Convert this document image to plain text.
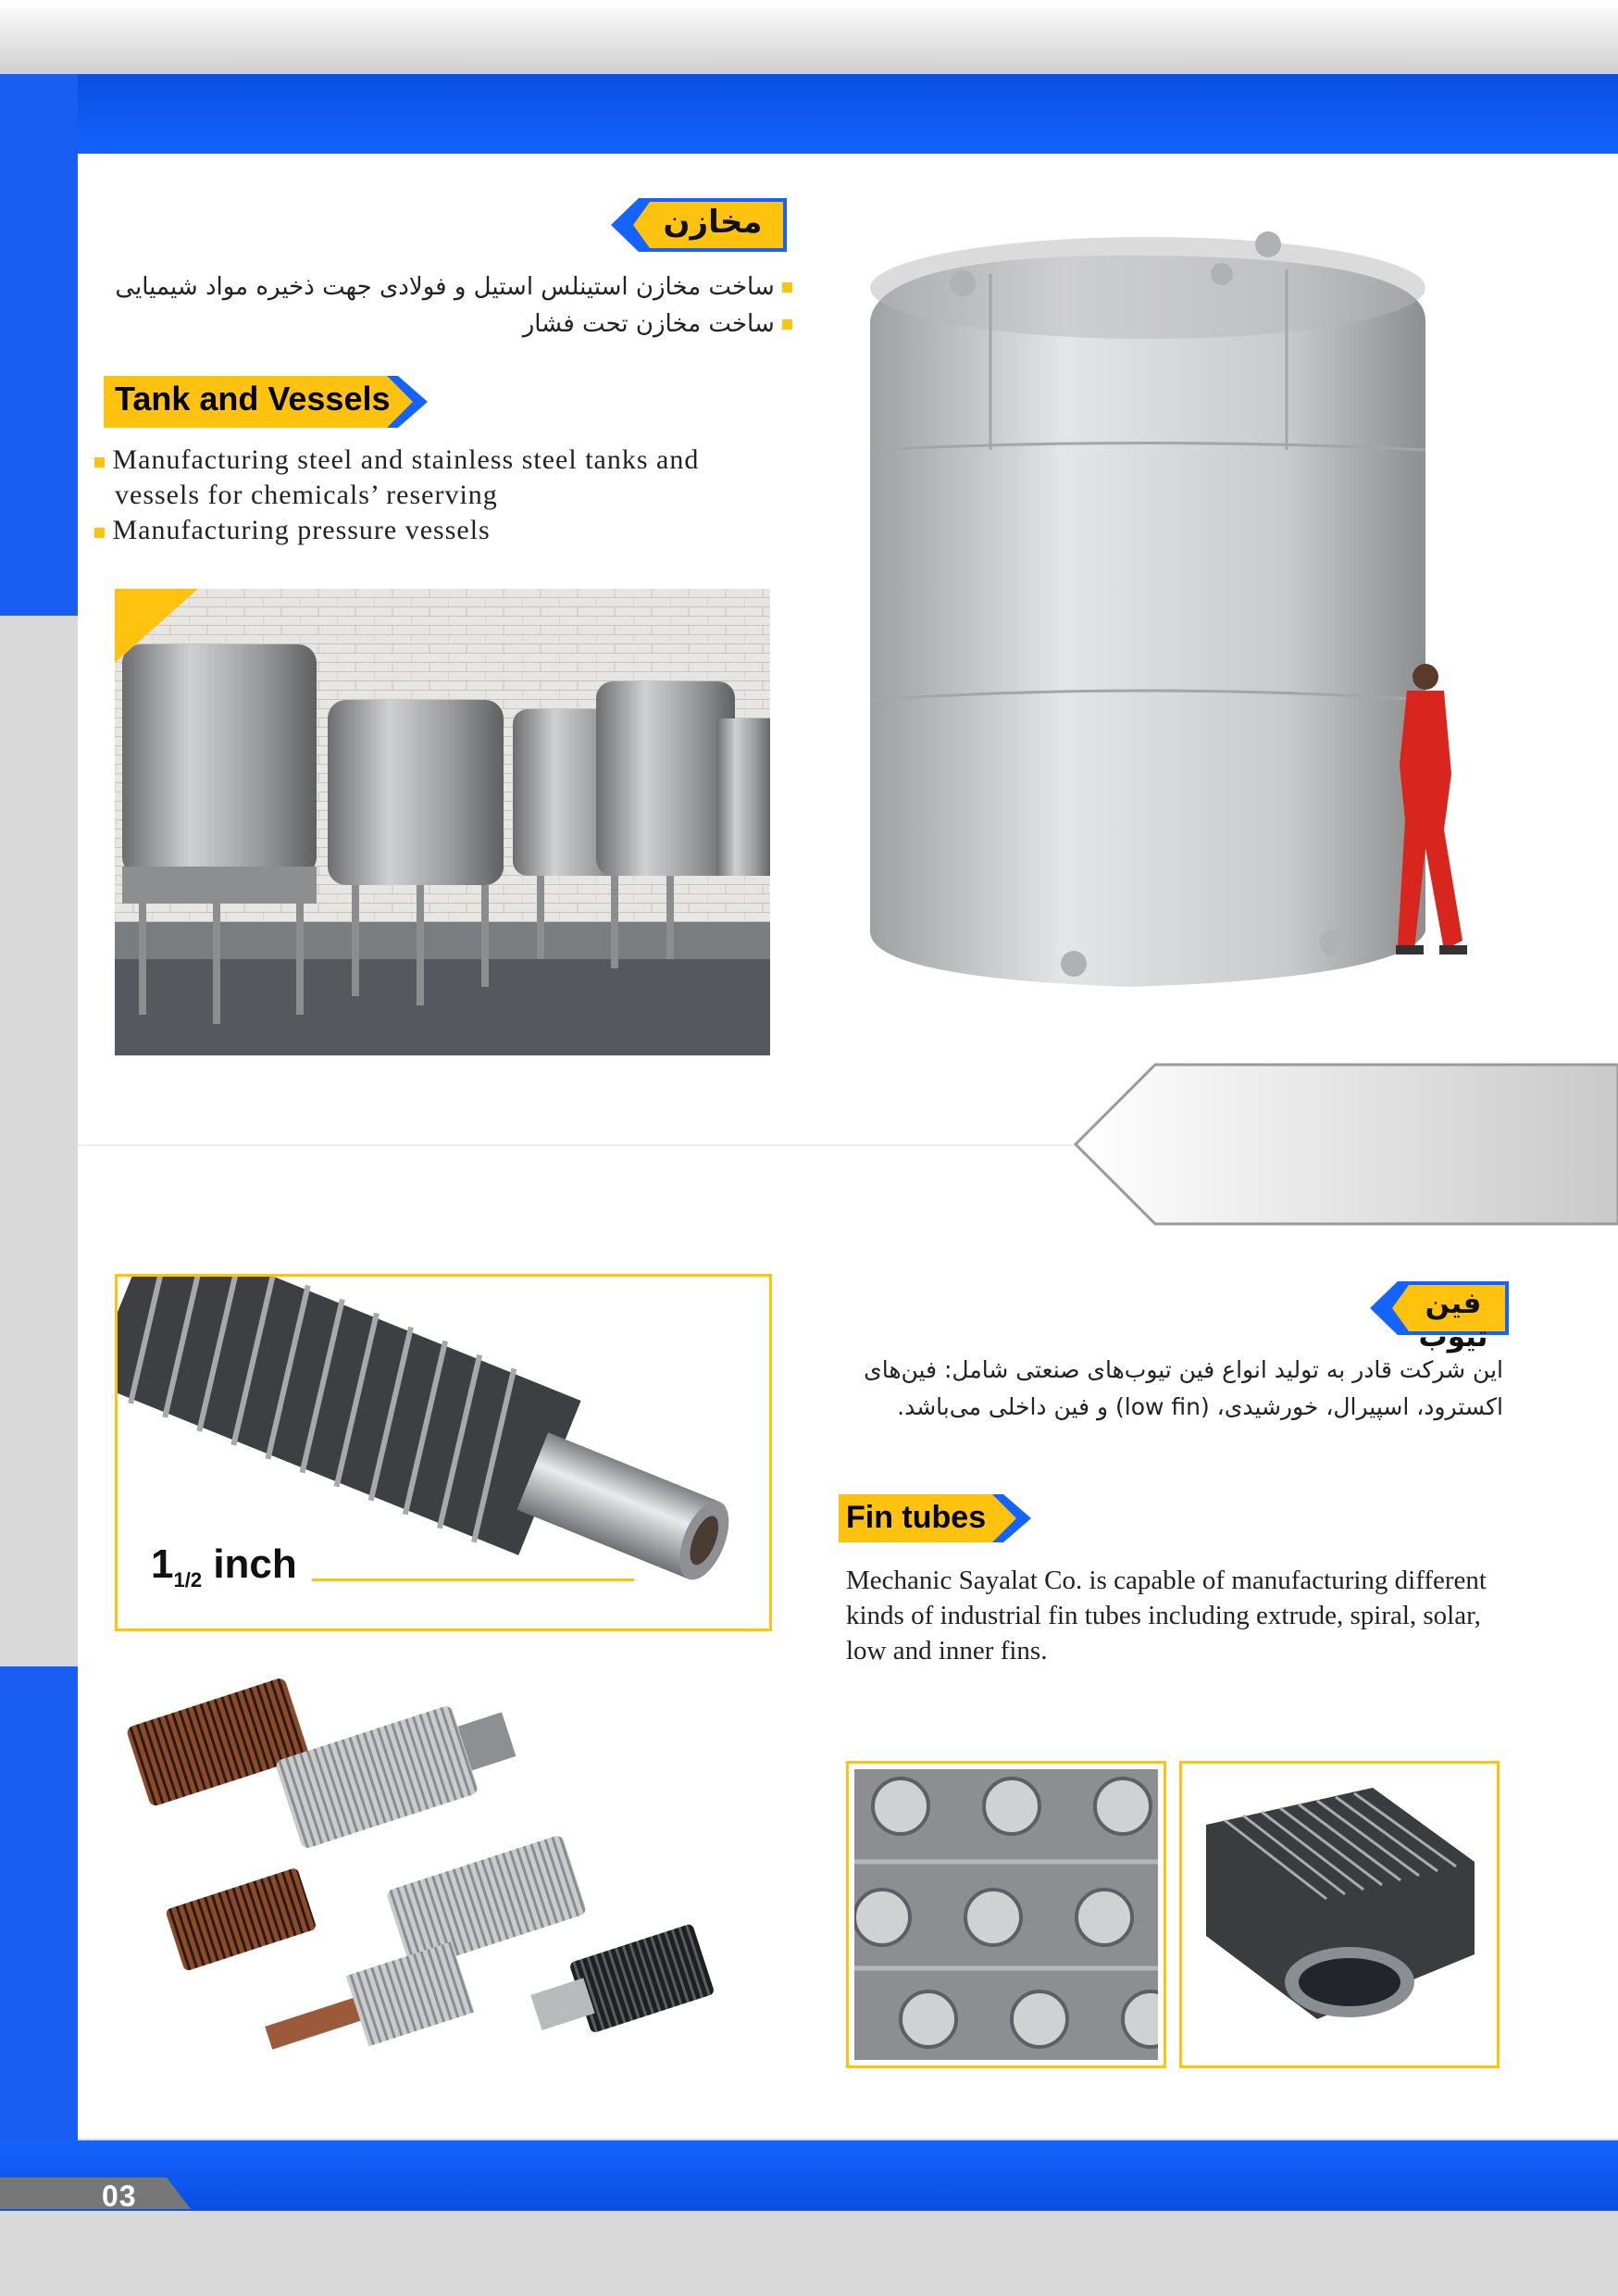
03
مخازن
ساخت مخازن استینلس استیل و فولادی جهت ذخیره مواد شیمیایی
ساخت مخازن تحت فشار
Tank and Vessels
Manufacturing steel and stainless steel tanks and
vessels for chemicals’ reserving
Manufacturing pressure vessels
فین تیوب
این شرکت قادر به تولید انواع فین تیوب‌های صنعتی شامل: فین‌های
اکسترود، اسپیرال، خورشیدی، (low fin) و فین داخلی می‌باشد.
Fin tubes
Mechanic Sayalat Co. is capable of manufacturing different
kinds of industrial fin tubes including extrude, spiral, solar,
low and inner fins.
$1_{1/2}$ inch
